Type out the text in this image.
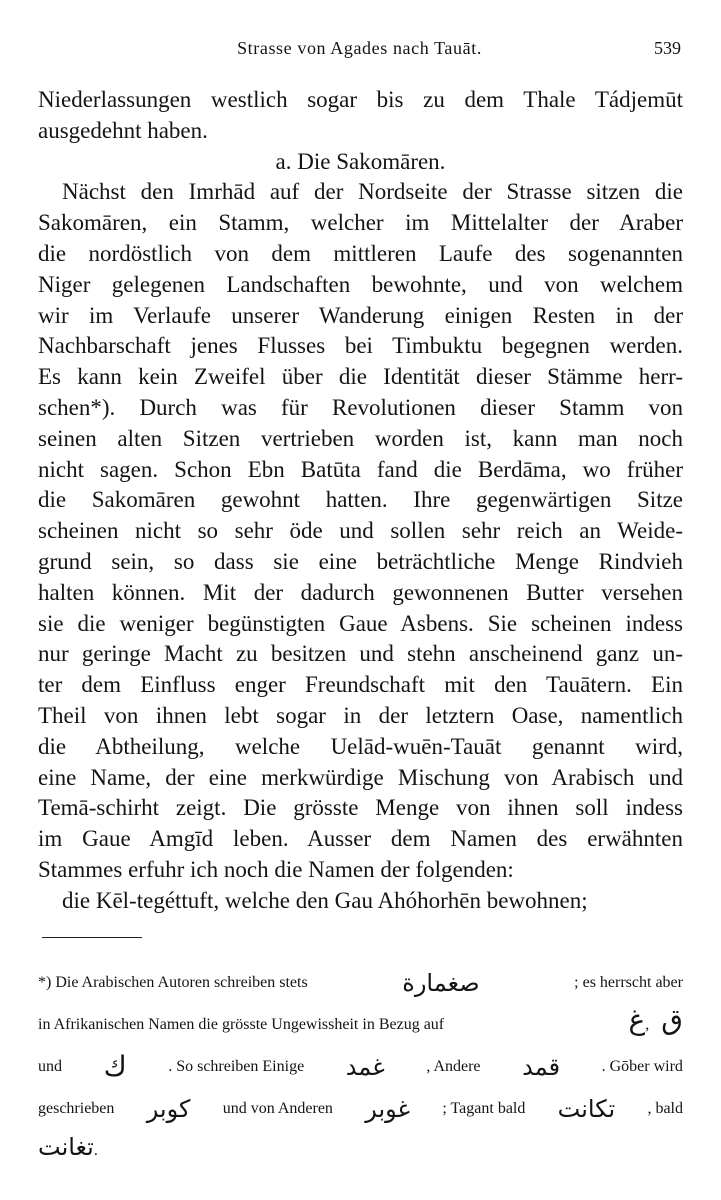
Strasse von Agades nach Tauāt.	539
Niederlassungen westlich sogar bis zu dem Thale Tádjemūt
ausgedehnt haben.
a. Die Sakomāren.
Nächst den Imrhād auf der Nordseite der Strasse sitzen die
Sakomāren, ein Stamm, welcher im Mittelalter der Araber
die nordöstlich von dem mittleren Laufe des sogenannten
Niger gelegenen Landschaften bewohnte, und von welchem
wir im Verlaufe unserer Wanderung einigen Resten in der
Nachbarschaft jenes Flusses bei Timbuktu begegnen werden.
Es kann kein Zweifel über die Identität dieser Stämme herr-
schen*). Durch was für Revolutionen dieser Stamm von
seinen alten Sitzen vertrieben worden ist, kann man noch
nicht sagen. Schon Ebn Batūta fand die Berdāma, wo früher
die Sakomāren gewohnt hatten. Ihre gegenwärtigen Sitze
scheinen nicht so sehr öde und sollen sehr reich an Weide-
grund sein, so dass sie eine beträchtliche Menge Rindvieh
halten können. Mit der dadurch gewonnenen Butter versehen
sie die weniger begünstigten Gaue Asbens. Sie scheinen indess
nur geringe Macht zu besitzen und stehn anscheinend ganz un-
ter dem Einfluss enger Freundschaft mit den Tauātern. Ein
Theil von ihnen lebt sogar in der letztern Oase, namentlich
die Abtheilung, welche Uelād-wuēn-Tauāt genannt wird,
eine Name, der eine merkwürdige Mischung von Arabisch und
Temā-schirht zeigt. Die grösste Menge von ihnen soll indess
im Gaue Amgīd leben. Ausser dem Namen des erwähnten
Stammes erfuhr ich noch die Namen der folgenden:
die Kēl-tegéttuft, welche den Gau Ahóhorhēn bewohnen;
*) Die Arabischen Autoren schreiben stets	صغمارة	; es herrscht aber
in Afrikanischen Namen die grösste Ungewissheit in Bezug auf	غ, ق
und ك	. So schreiben Einige غمد	, Andere قمد	. Gōber wird
geschrieben كوبر und von Anderen غوبر ; Tagant bald تكانت , bald
تغانت.
